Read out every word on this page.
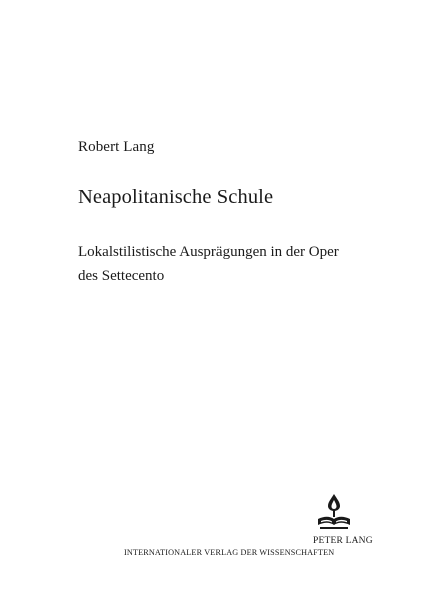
Robert Lang
Neapolitanische Schule
Lokalstilistische Ausprägungen in der Oper
des Settecento
PETER LANG
INTERNATIONALER VERLAG DER WISSENSCHAFTEN
